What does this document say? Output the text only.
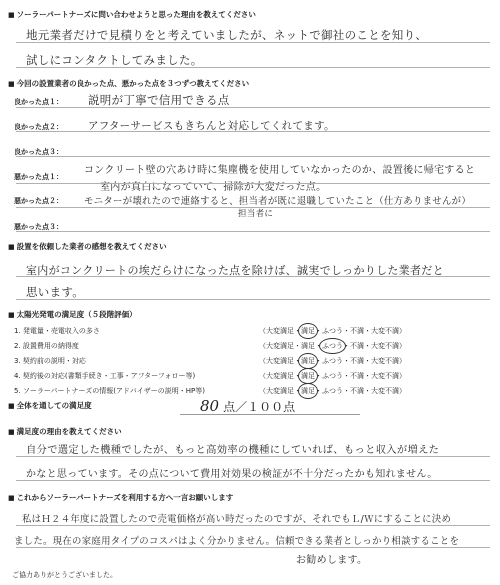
■ ソーラーパートナーズに問い合わせようと思った理由を教えてください
地元業者だけで見積りをと考えていましたが、ネットで御社のことを知り、
試しにコンタクトしてみました。
■ 今回の設置業者の良かった点、悪かった点を３つずつ教えてください
良かった点１： 説明が丁寧で信用できる点
良かった点２： アフターサービスもきちんと対応してくれてます。
良かった点３：
悪かった点１：
コンクリート壁の穴あけ時に集塵機を使用していなかったのか、設置後に帰宅すると
室内が真白になっていて、掃除が大変だった点。
悪かった点２： モニターが壊れたので連絡すると、担当者が既に退職していたこと（仕方ありませんが）
担当者に
悪かった点３：
■ 設置を依頼した業者の感想を教えてください
室内がコンクリートの埃だらけになった点を除けば、誠実でしっかりした業者だと
思います。
■ 太陽光発電の満足度（５段階評価）
1. 発電量・売電収入の多さ	（大変満足・満足・ふつう・不満・大変不満）
2. 設置費用の納得度	（大変満足・満足・ふつう・不満・大変不満）
3. 契約前の説明・対応	（大変満足・満足・ふつう・不満・大変不満）
4. 契約後の対応(書類手続き・工事・アフターフォロー等)	（大変満足・満足・ふつう・不満・大変不満）
5. ソーラーパートナーズの情報(アドバイザーの説明・HP等)	（大変満足・満足・ふつう・不満・大変不満）
■ 全体を通しての満足度	80 点／１００点
■ 満足度の理由を教えてください
自分で選定した機種でしたが、もっと高効率の機種にしていれば、もっと収入が増えた
かなと思っています。その点について費用対効果の検証が不十分だったかも知れません。
■ これからソーラーパートナーズを利用する方へ一言お願いします
私はＨ２４年度に設置したので売電価格が高い時だったのですが、それでもＬ/Ｗにすることに決め
ました。現在の家庭用タイプのコスパはよく分かりません。信頼できる業者としっかり相談することを
お勧めします。
ご協力ありがとうございました。
